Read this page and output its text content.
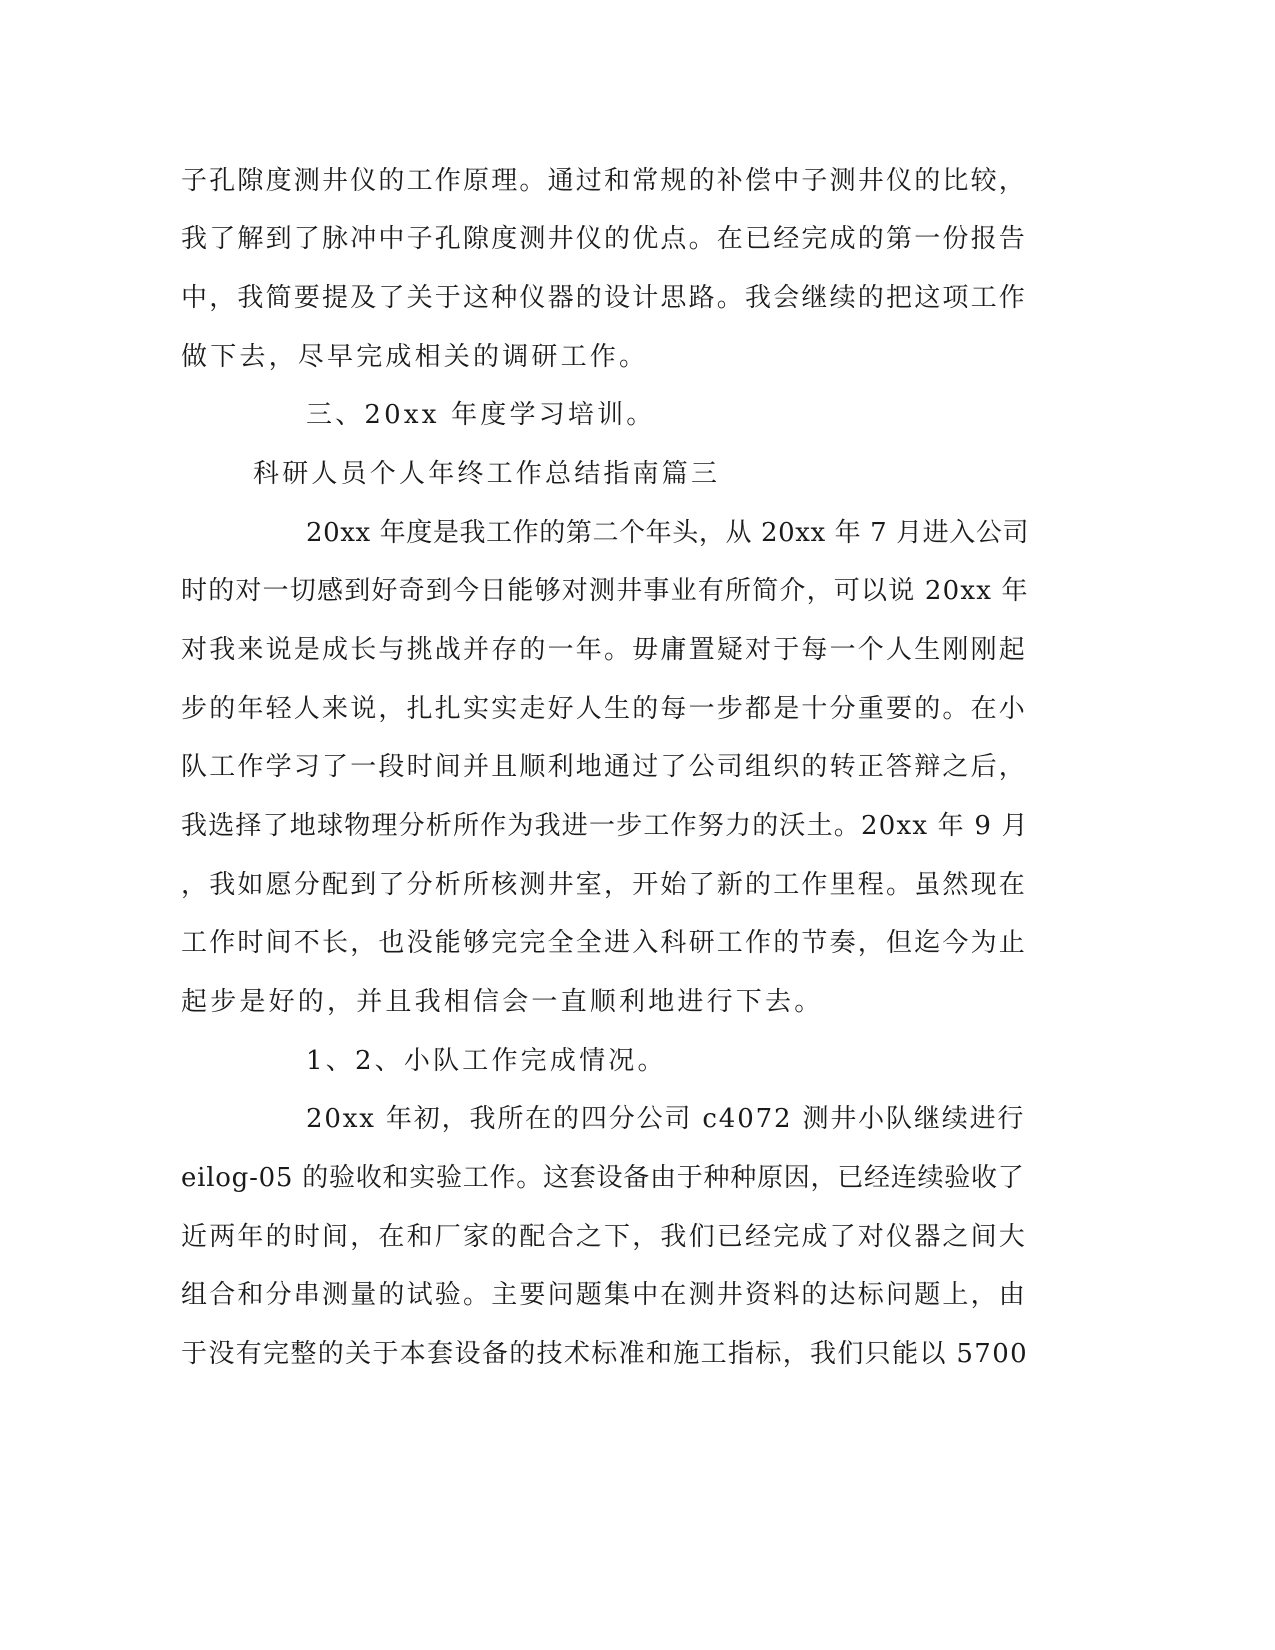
子孔隙度测井仪的工作原理。通过和常规的补偿中子测井仪的比较，
我了解到了脉冲中子孔隙度测井仪的优点。在已经完成的第一份报告
中，我简要提及了关于这种仪器的设计思路。我会继续的把这项工作
做下去，尽早完成相关的调研工作。
三、20xx 年度学习培训。
科研人员个人年终工作总结指南篇三
20xx 年度是我工作的第二个年头，从 20xx 年 7 月进入公司
时的对一切感到好奇到今日能够对测井事业有所简介，可以说 20xx 年
对我来说是成长与挑战并存的一年。毋庸置疑对于每一个人生刚刚起
步的年轻人来说，扎扎实实走好人生的每一步都是十分重要的。在小
队工作学习了一段时间并且顺利地通过了公司组织的转正答辩之后，
我选择了地球物理分析所作为我进一步工作努力的沃土。20xx 年 9 月
，我如愿分配到了分析所核测井室，开始了新的工作里程。虽然现在
工作时间不长，也没能够完完全全进入科研工作的节奏，但迄今为止
起步是好的，并且我相信会一直顺利地进行下去。
1、2、小队工作完成情况。
20xx 年初，我所在的四分公司 c4072 测井小队继续进行
eilog-05 的验收和实验工作。这套设备由于种种原因，已经连续验收了
近两年的时间，在和厂家的配合之下，我们已经完成了对仪器之间大
组合和分串测量的试验。主要问题集中在测井资料的达标问题上，由
于没有完整的关于本套设备的技术标准和施工指标，我们只能以 5700
